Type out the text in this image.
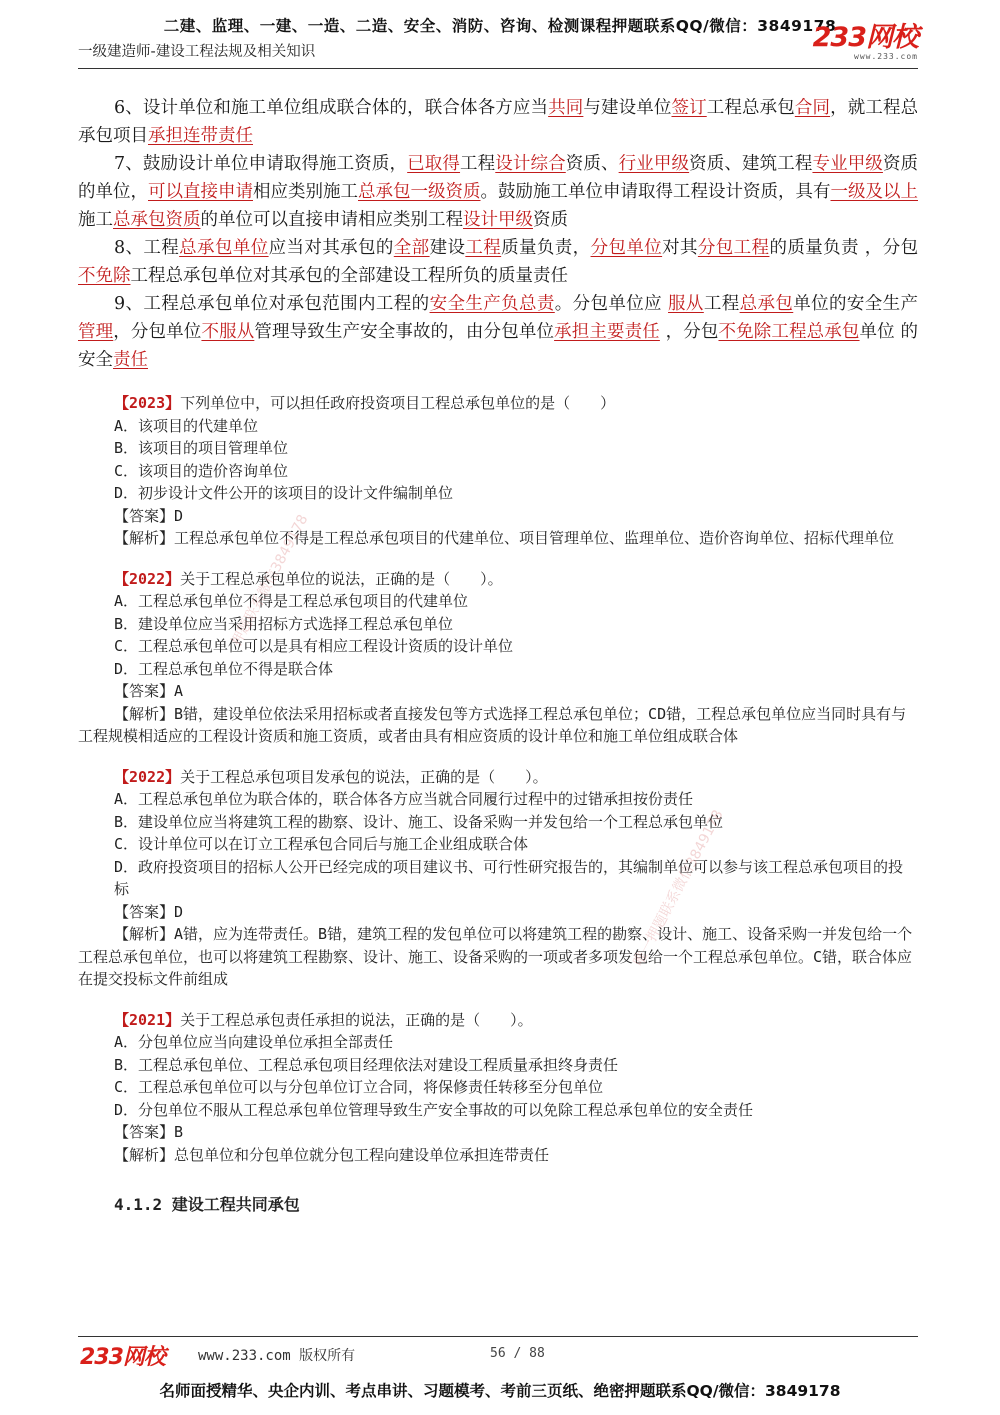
二建、监理、一建、一造、二造、安全、消防、咨询、检测课程押题联系QQ/微信：3849178
一级建造师-建设工程法规及相关知识	233网校
www.233.com

6、设计单位和施工单位组成联合体的，联合体各方应当共同与建设单位签订工程总承包合同，就工程总承包项目承担连带责任

7、鼓励设计单位申请取得施工资质，已取得工程设计综合资质、行业甲级资质、建筑工程专业甲级资质的单位，可以直接申请相应类别施工总承包一级资质。鼓励施工单位申请取得工程设计资质，具有一级及以上施工总承包资质的单位可以直接申请相应类别工程设计甲级资质

8、工程总承包单位应当对其承包的全部建设工程质量负责，分包单位对其分包工程的质量负责 ，分包不免除工程总承包单位对其承包的全部建设工程所负的质量责任

9、工程总承包单位对承包范围内工程的安全生产负总责。分包单位应 服从工程总承包单位的安全生产管理，分包单位不服从管理导致生产安全事故的，由分包单位承担主要责任 ，分包不免除工程总承包单位 的安全责任

【2023】下列单位中，可以担任政府投资项目工程总承包单位的是（　　）
A．该项目的代建单位
B．该项目的项目管理单位
C．该项目的造价咨询单位
D．初步设计文件公开的该项目的设计文件编制单位
【答案】D
【解析】工程总承包单位不得是工程总承包项目的代建单位、项目管理单位、监理单位、造价咨询单位、招标代理单位
【2022】关于工程总承包单位的说法，正确的是（　　）。
A．工程总承包单位不得是工程总承包项目的代建单位
B．建设单位应当采用招标方式选择工程总承包单位
C．工程总承包单位可以是具有相应工程设计资质的设计单位
D．工程总承包单位不得是联合体
【答案】A
【解析】B错，建设单位依法采用招标或者直接发包等方式选择工程总承包单位；CD错，工程总承包单位应当同时具有与工程规模相适应的工程设计资质和施工资质，或者由具有相应资质的设计单位和施工单位组成联合体
【2022】关于工程总承包项目发承包的说法，正确的是（　　）。
A．工程总承包单位为联合体的，联合体各方应当就合同履行过程中的过错承担按份责任
B．建设单位应当将建筑工程的勘察、设计、施工、设备采购一并发包给一个工程总承包单位
C．设计单位可以在订立工程承包合同后与施工企业组成联合体
D．政府投资项目的招标人公开已经完成的项目建议书、可行性研究报告的，其编制单位可以参与该工程总承包项目的投标
【答案】D
【解析】A错，应为连带责任。B错，建筑工程的发包单位可以将建筑工程的勘察、设计、施工、设备采购一并发包给一个工程总承包单位，也可以将建筑工程勘察、设计、施工、设备采购的一项或者多项发包给一个工程总承包单位。C错，联合体应在提交投标文件前组成
【2021】关于工程总承包责任承担的说法，正确的是（　　）。
A．分包单位应当向建设单位承担全部责任
B．工程总承包单位、工程总承包项目经理依法对建设工程质量承担终身责任
C．工程总承包单位可以与分包单位订立合同，将保修责任转移至分包单位
D．分包单位不服从工程总承包单位管理导致生产安全事故的可以免除工程总承包单位的安全责任
【答案】B
【解析】总包单位和分包单位就分包工程向建设单位承担连带责任
4.1.2 建设工程共同承包
押题联系微信3849178
唯一押题联系微信3849178
233网校 www.233.com 版权所有	56 / 88
名师面授精华、央企内训、考点串讲、习题模考、考前三页纸、绝密押题联系QQ/微信：3849178
